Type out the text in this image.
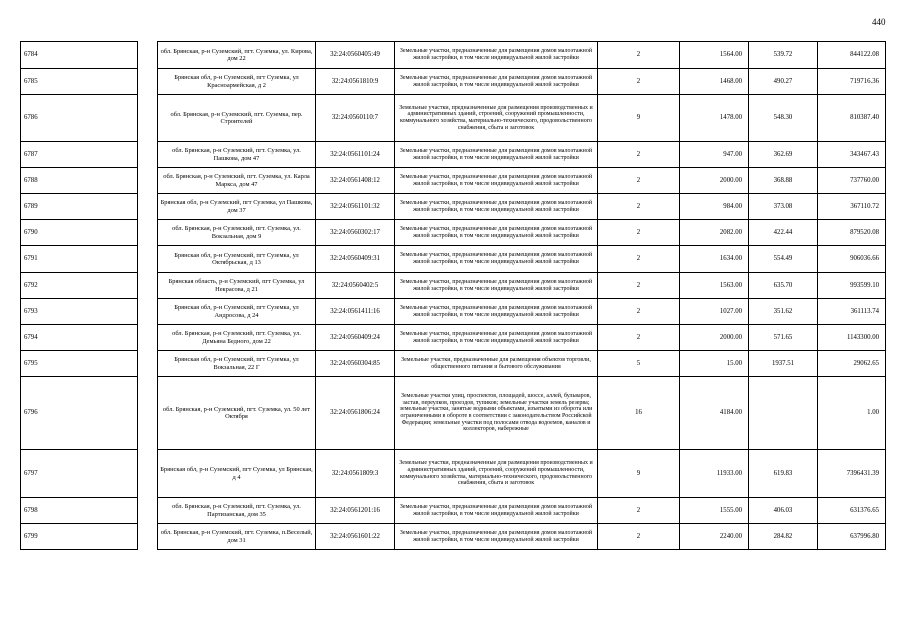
440
6784		обл. Брянская, р-н Суземский, пгт. Суземка, ул. Кирова, дом 22	32:24:0560405:49	Земельные участки, предназначенные для размещения домов малоэтажной жилой застройки, в том числе индивидуальной жилой застройки	2	1564.00	539.72	844122.08
6785		Брянская обл, р-н Суземский, пгт Суземка, ул Красноармейская, д 2	32:24:0561810:9	Земельные участки, предназначенные для размещения домов малоэтажной жилой застройки, в том числе индивидуальной жилой застройки	2	1468.00	490.27	719716.36
6786		обл. Брянская, р-н Суземский, пгт. Суземка, пер. Строителей	32:24:0560110:7	Земельные участки, предназначенные для размещения производственных и административных зданий, строений, сооружений промышленности, коммунального хозяйства, материально-технического, продовольственного снабжения, сбыта и заготовок	9	1478.00	548.30	810387.40
6787		обл. Брянская, р-н Суземский, пгт. Суземка, ул. Пашкова, дом 47	32:24:0561101:24	Земельные участки, предназначенные для размещения домов малоэтажной жилой застройки, в том числе индивидуальной жилой застройки	2	947.00	362.69	343467.43
6788		обл. Брянская, р-н Суземский, пгт. Суземка, ул. Карла Маркса, дом 47	32:24:0561408:12	Земельные участки, предназначенные для размещения домов малоэтажной жилой застройки, в том числе индивидуальной жилой застройки	2	2000.00	368.88	737760.00
6789		Брянская обл, р-н Суземский, пгт Суземка, ул Пашкова, дом 37	32:24:0561101:32	Земельные участки, предназначенные для размещения домов малоэтажной жилой застройки, в том числе индивидуальной жилой застройки	2	984.00	373.08	367110.72
6790		обл. Брянская, р-н Суземский, пгт. Суземка, ул. Вокзальная, дом 9	32:24:0560302:17	Земельные участки, предназначенные для размещения домов малоэтажной жилой застройки, в том числе индивидуальной жилой застройки	2	2082.00	422.44	879520.08
6791		Брянская обл, р-н Суземский, пгт Суземка, ул Октябрьская, д 13	32:24:0560409:31	Земельные участки, предназначенные для размещения домов малоэтажной жилой застройки, в том числе индивидуальной жилой застройки	2	1634.00	554.49	906036.66
6792		Брянская область, р-н Суземский, пгт Суземка, ул Некрасова, д 21	32:24:0560402:5	Земельные участки, предназначенные для размещения домов малоэтажной жилой застройки, в том числе индивидуальной жилой застройки	2	1563.00	635.70	993599.10
6793		Брянская обл, р-н Суземский, пгт Суземка, ул Андросова, д 24	32:24:0561411:16	Земельные участки, предназначенные для размещения домов малоэтажной жилой застройки, в том числе индивидуальной жилой застройки	2	1027.00	351.62	361113.74
6794		обл. Брянская, р-н Суземский, пгт. Суземка, ул. Демьяна Бедного, дом 22	32:24:0560409:24	Земельные участки, предназначенные для размещения домов малоэтажной жилой застройки, в том числе индивидуальной жилой застройки	2	2000.00	571.65	1143300.00
6795		Брянская обл, р-н Суземский, пгт Суземка, ул Вокзальная, 22 Г	32:24:0560304:85	Земельные участки, предназначенные для размещения объектов торговли, общественного питания и бытового обслуживания	5	15.00	1937.51	29062.65
6796		обл. Брянская, р-н Суземский, пгт. Суземка, ул. 50 лет Октября	32:24:0561806:24	Земельные участки улиц, проспектов, площадей, шоссе, аллей, бульваров, застав, переулков, проездов, тупиков; земельные участки земель резерва; земельные участки, занятые водными объектами, изъятыми из оборота или ограниченными в обороте в соответствии с законодательством Российской Федерации; земельные участки под полосами отвода водоемов, каналов и коллекторов, набережные	16	4184.00		1.00
6797		Брянская обл, р-н Суземский, пгт Суземка, ул Брянская, д 4	32:24:0561809:3	Земельные участки, предназначенные для размещения производственных и административных зданий, строений, сооружений промышленности, коммунального хозяйства, материально-технического, продовольственного снабжения, сбыта и заготовок	9	11933.00	619.83	7396431.39
6798		обл. Брянская, р-н Суземский, пгт. Суземка, ул. Партизанская, дом 35	32:24:0561201:16	Земельные участки, предназначенные для размещения домов малоэтажной жилой застройки, в том числе индивидуальной жилой застройки	2	1555.00	406.03	631376.65
6799		обл. Брянская, р-н Суземский, пгт. Суземка, п.Веселый, дом 31	32:24:0561601:22	Земельные участки, предназначенные для размещения домов малоэтажной жилой застройки, в том числе индивидуальной жилой застройки	2	2240.00	284.82	637996.80
